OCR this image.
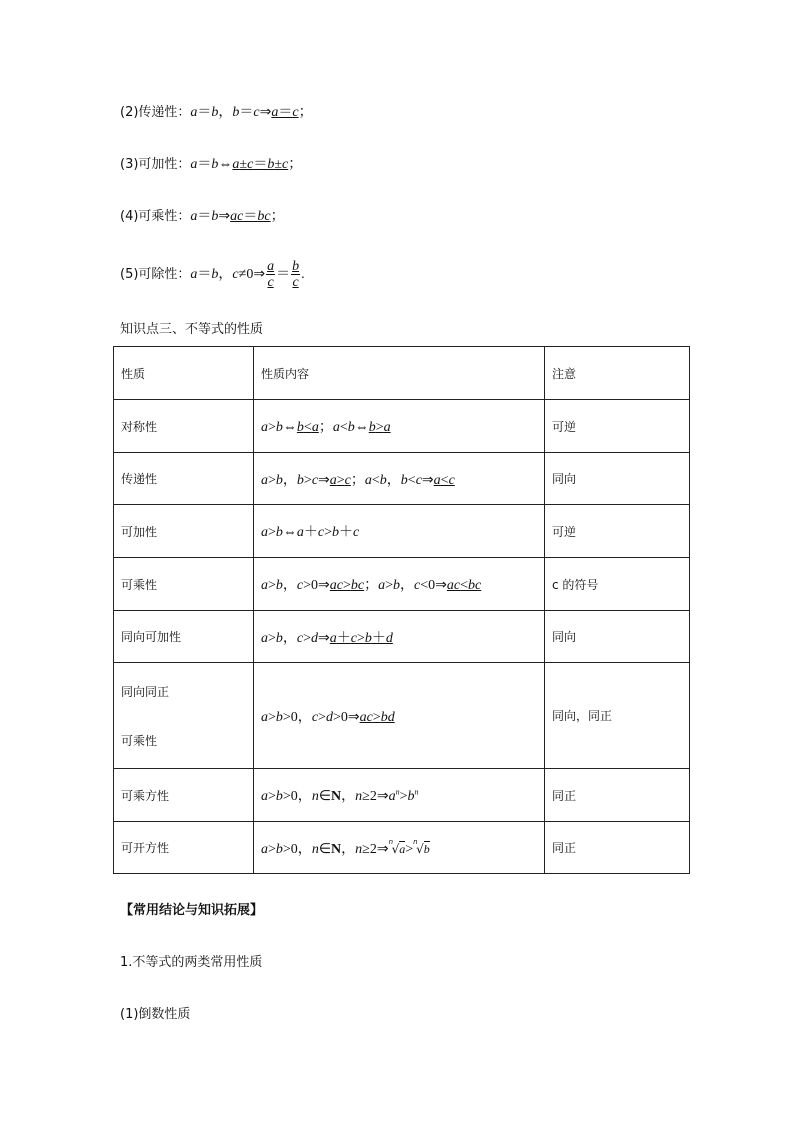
(2)传递性：a＝b，b＝c⇒a＝c；
(3)可加性：a＝b⇔a±c＝b±c；
(4)可乘性：a＝b⇒ac＝bc；
(5)可除性：a＝b，c≠0⇒ $\frac{a}{c} = \frac{b}{c}$ .
知识点三、不等式的性质
性质	性质内容	注意
对称性	a>b⇔b<a；a<b⇔b>a	可逆
传递性	a>b，b>c⇒a>c；a<b，b<c⇒a<c	同向
可加性	a>b⇔a＋c>b＋c	可逆
可乘性	a>b，c>0⇒ac>bc；a>b，c<0⇒ac<bc	c 的符号
同向可加性	a>b，c>d⇒a＋c>b＋d	同向

同向同正
可乘性	a>b>0，c>d>0⇒ac>bd	同向，同正
可乘方性	a>b>0，n∈N，$n\ge 2\Rightarrow a^n>b^n$	同正
可开方性	a>b>0，n∈N，n≥2⇒ n
√a> n
√b	同正
【常用结论与知识拓展】
1.不等式的两类常用性质
(1)倒数性质
